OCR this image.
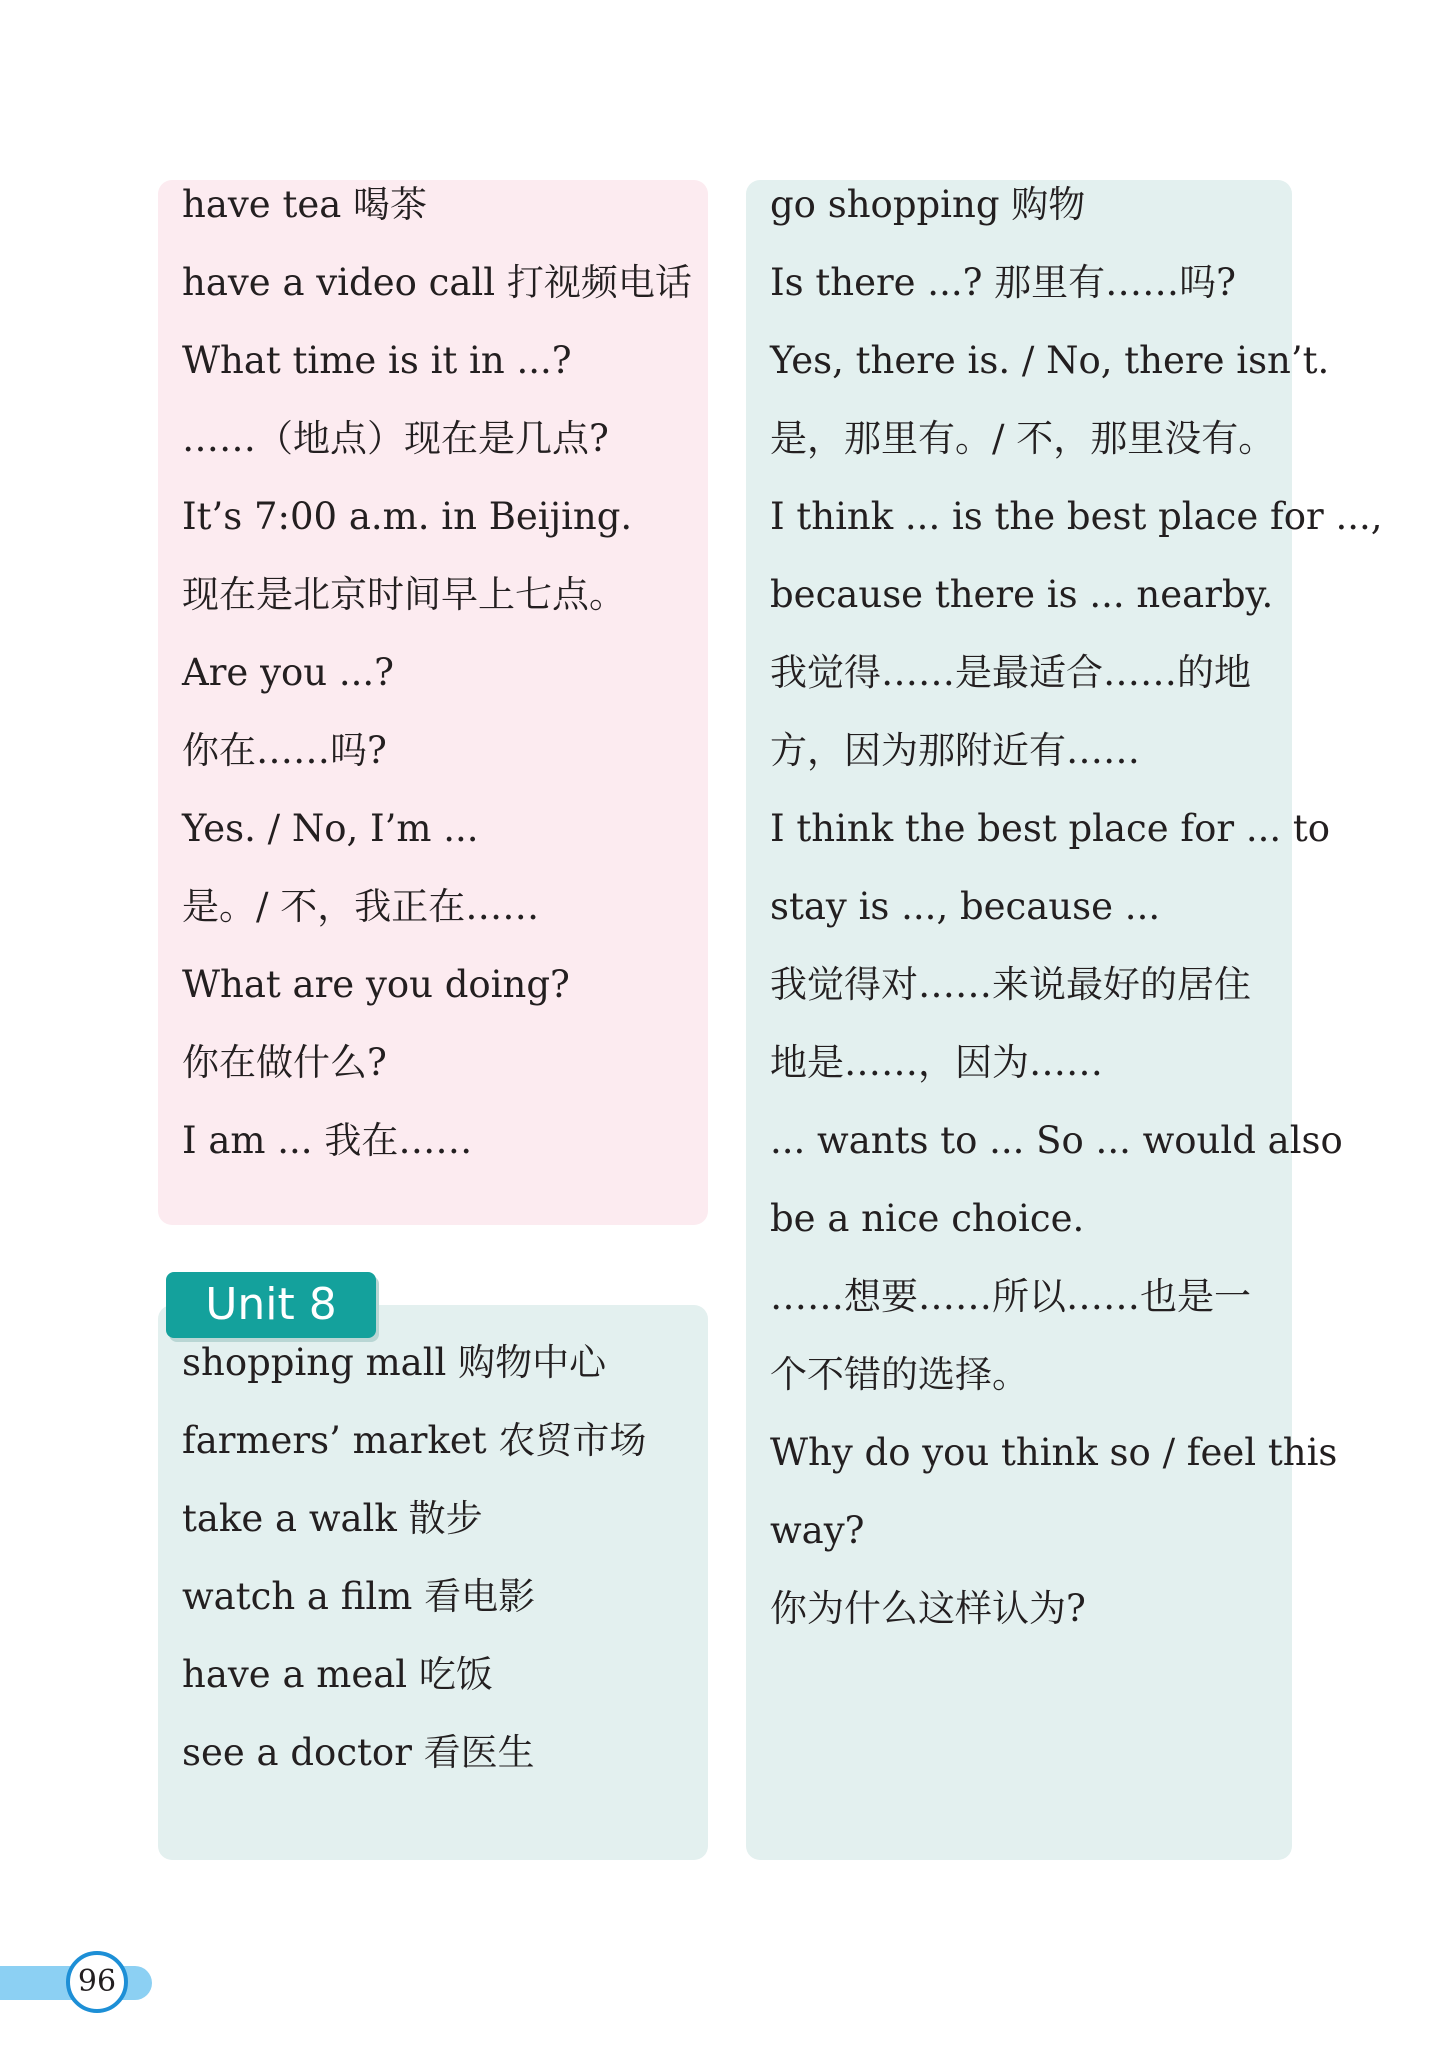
have tea 喝茶
have a video call 打视频电话
What time is it in ...?
……（地点）现在是几点?
It’s 7:00 a.m. in Beijing.
现在是北京时间早上七点。
Are you ...?
你在……吗?
Yes. / No, I’m ...
是。/ 不，我正在……
What are you doing?
你在做什么?
I am ... 我在……
shopping mall 购物中心
farmers’ market 农贸市场
take a walk 散步
watch a film 看电影
have a meal 吃饭
see a doctor 看医生
Unit 8
go shopping 购物
Is there ...? 那里有……吗?
Yes, there is. / No, there isn’t.
是，那里有。/ 不，那里没有。
I think ... is the best place for ...,
because there is ... nearby.
我觉得……是最适合……的地
方，因为那附近有……
I think the best place for ... to
stay is ..., because ...
我觉得对……来说最好的居住
地是……，因为……
... wants to ... So ... would also
be a nice choice.
……想要……所以……也是一
个不错的选择。
Why do you think so / feel this
way?
你为什么这样认为?
96
